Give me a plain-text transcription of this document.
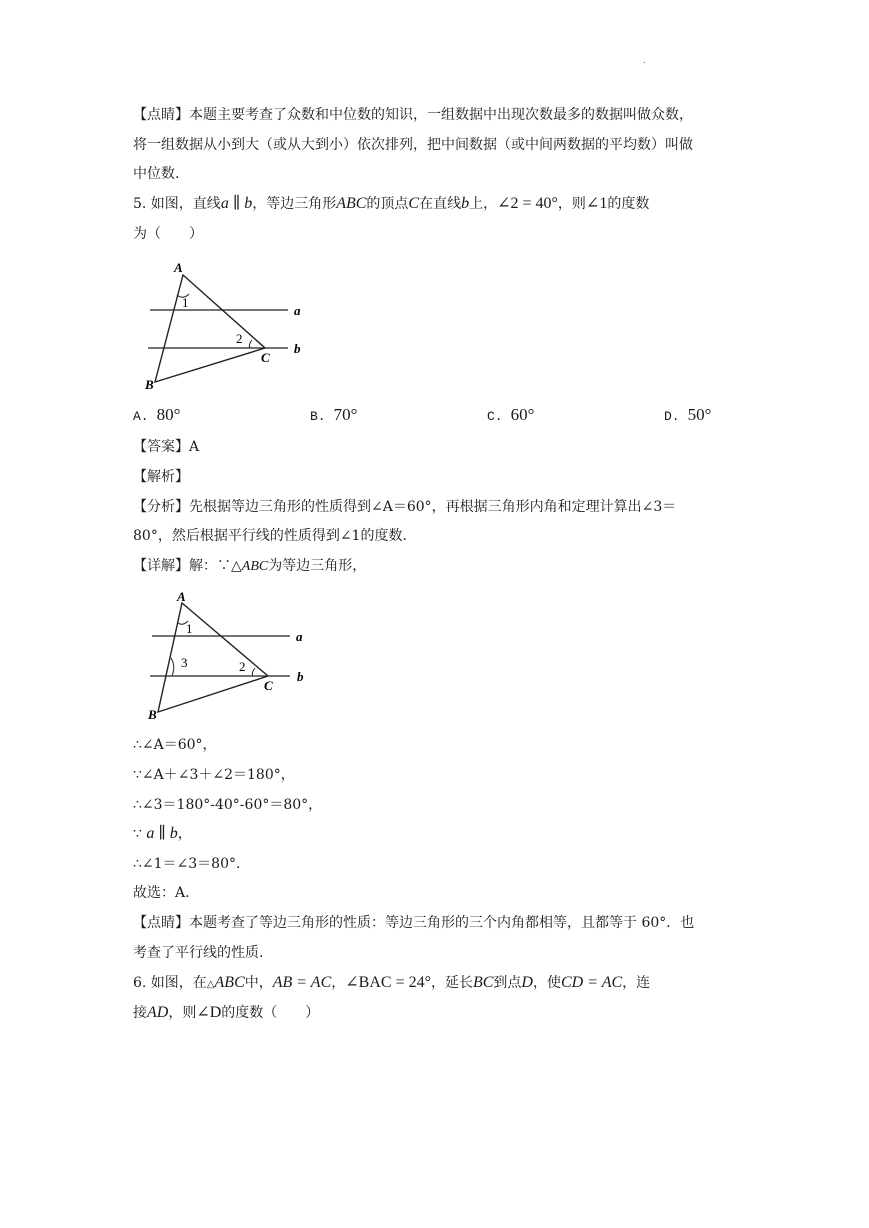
.
【点睛】本题主要考查了众数和中位数的知识，一组数据中出现次数最多的数据叫做众数，
将一组数据从小到大（或从大到小）依次排列，把中间数据（或中间两数据的平均数）叫做
中位数.
5. 如图，直线a ∥ b，等边三角形ABC的顶点C在直线b上，∠2 = 40°，则∠1的度数
为（　　）
A
1
a
2
C
b
B
A. 80°	B. 70°	C. 60°	D. 50°
【答案】A
【解析】
【分析】先根据等边三角形的性质得到∠A＝60°，再根据三角形内角和定理计算出∠3＝
80°，然后根据平行线的性质得到∠1的度数.
【详解】解：∵△ABC为等边三角形，
A
1
a
3	2
C
b
B
∴∠A＝60°，
∵∠A＋∠3＋∠2＝180°，
∴∠3＝180°-40°-60°＝80°，
∵ a ∥ b，
∴∠1＝∠3＝80°.
故选：A.
【点睛】本题考查了等边三角形的性质：等边三角形的三个内角都相等，且都等于 60°．也
考查了平行线的性质.
6. 如图，在△ABC中，AB = AC，∠BAC = 24°，延长BC到点D，使CD = AC，连
接AD，则∠D的度数（　　）
